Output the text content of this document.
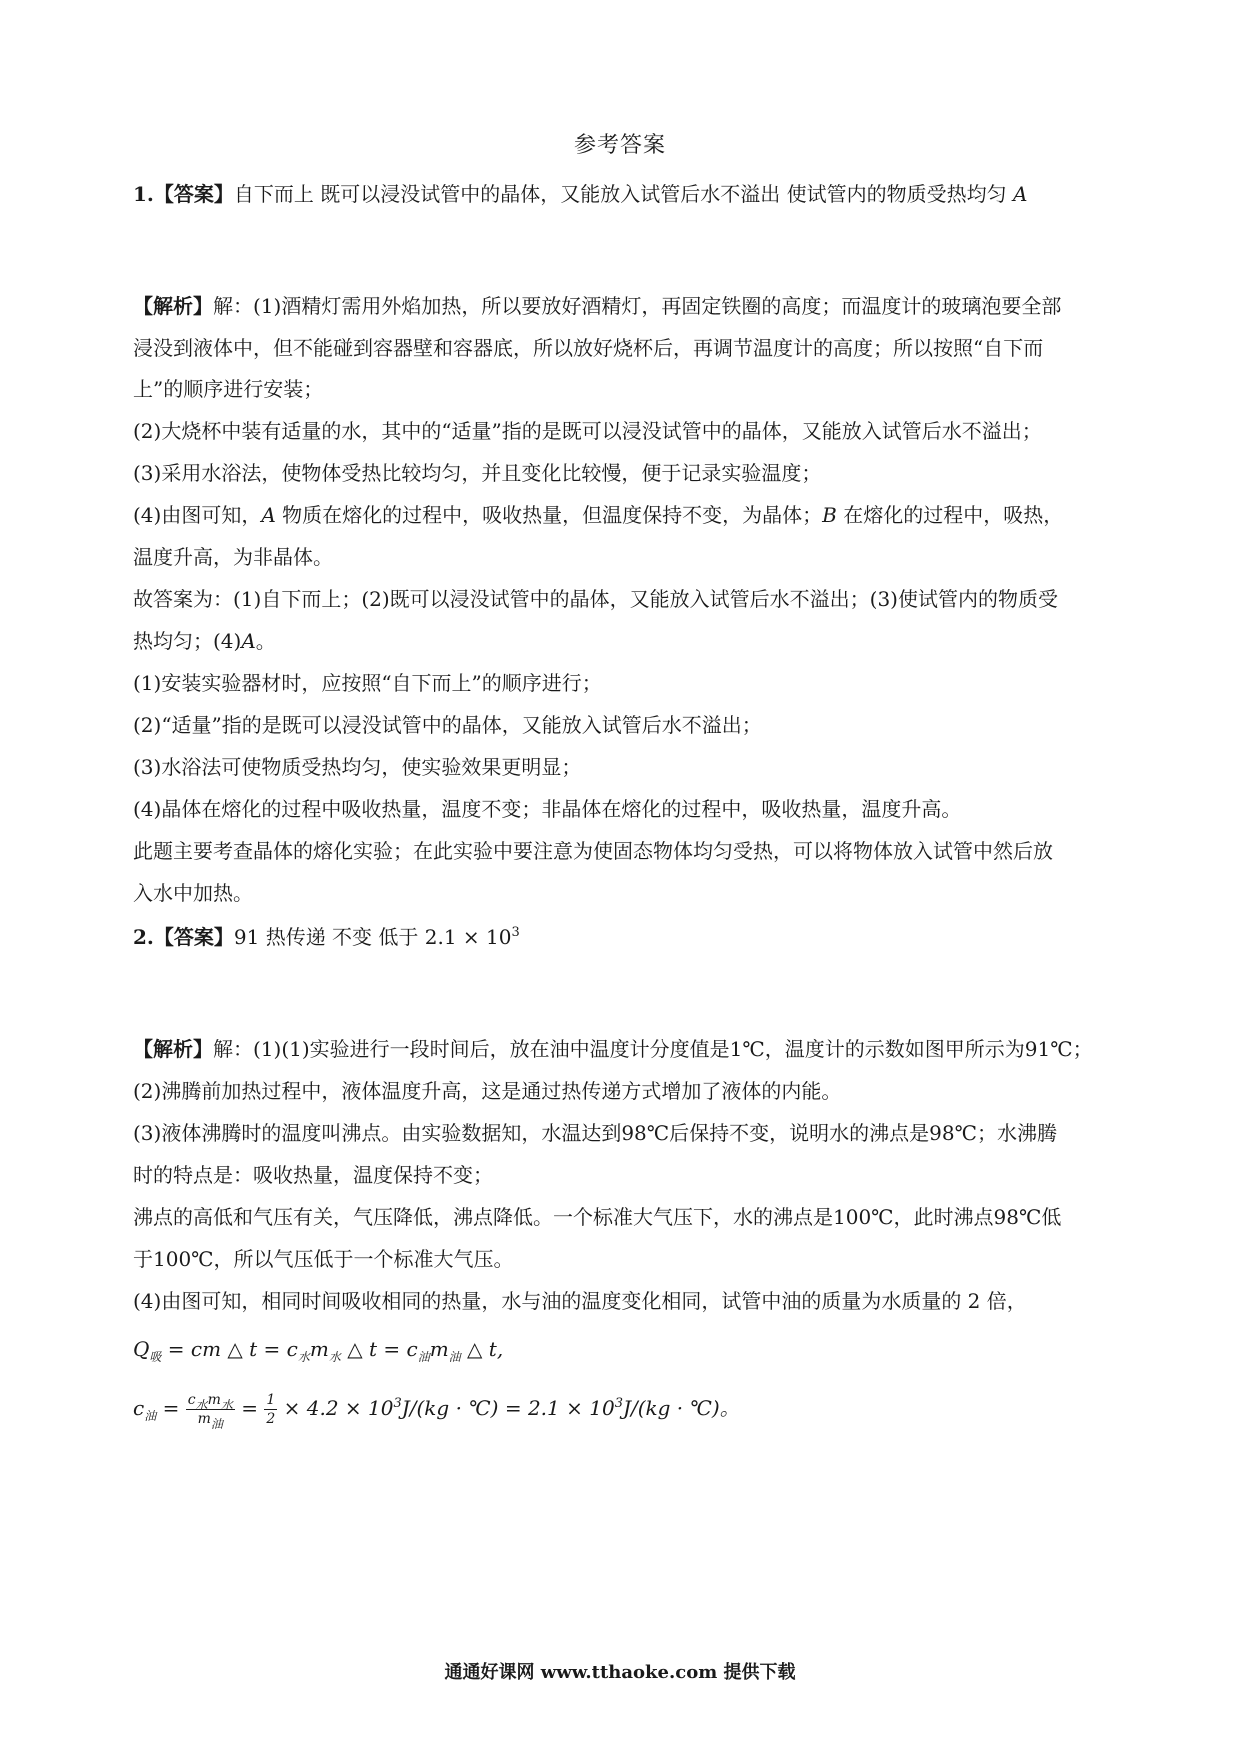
参考答案
1.【答案】自下而上 既可以浸没试管中的晶体，又能放入试管后水不溢出 使试管内的物质受热均匀 A
【解析】解：(1)酒精灯需用外焰加热，所以要放好酒精灯，再固定铁圈的高度；而温度计的玻璃泡要全部
浸没到液体中，但不能碰到容器壁和容器底，所以放好烧杯后，再调节温度计的高度；所以按照“自下而
上”的顺序进行安装；
(2)大烧杯中装有适量的水，其中的“适量”指的是既可以浸没试管中的晶体，又能放入试管后水不溢出；
(3)采用水浴法，使物体受热比较均匀，并且变化比较慢，便于记录实验温度；
(4)由图可知，A 物质在熔化的过程中，吸收热量，但温度保持不变，为晶体；B 在熔化的过程中，吸热，
温度升高，为非晶体。
故答案为：(1)自下而上；(2)既可以浸没试管中的晶体，又能放入试管后水不溢出；(3)使试管内的物质受
热均匀；(4)A。
(1)安装实验器材时，应按照“自下而上”的顺序进行；
(2)“适量”指的是既可以浸没试管中的晶体，又能放入试管后水不溢出；
(3)水浴法可使物质受热均匀，使实验效果更明显；
(4)晶体在熔化的过程中吸收热量，温度不变；非晶体在熔化的过程中，吸收热量，温度升高。
此题主要考查晶体的熔化实验；在此实验中要注意为使固态物体均匀受热，可以将物体放入试管中然后放
入水中加热。
2.【答案】91 热传递 不变 低于 $2.1 \times 10^3$
【解析】解：(1)(1)实验进行一段时间后，放在油中温度计分度值是1℃，温度计的示数如图甲所示为91℃；
(2)沸腾前加热过程中，液体温度升高，这是通过热传递方式增加了液体的内能。
(3)液体沸腾时的温度叫沸点。由实验数据知，水温达到98℃后保持不变，说明水的沸点是98℃；水沸腾
时的特点是：吸收热量，温度保持不变；
沸点的高低和气压有关，气压降低，沸点降低。一个标准大气压下，水的沸点是100℃，此时沸点98℃低
于100℃，所以气压低于一个标准大气压。
(4)由图可知，相同时间吸收相同的热量，水与油的温度变化相同，试管中油的质量为水质量的 2 倍，
$Q_吸$ = cm △ $t = c_水m_水$ △ $t = c_油m_油$ △ t,
$c_油 = \frac{c_水m_水}{m_油} = \frac{1}{2} \times 4.2 \times 10^3J/(kg$ · ℃) = $2.1 \times 10^3J/(kg$ · ℃)。
通通好课网 www.tthaoke.com 提供下载
